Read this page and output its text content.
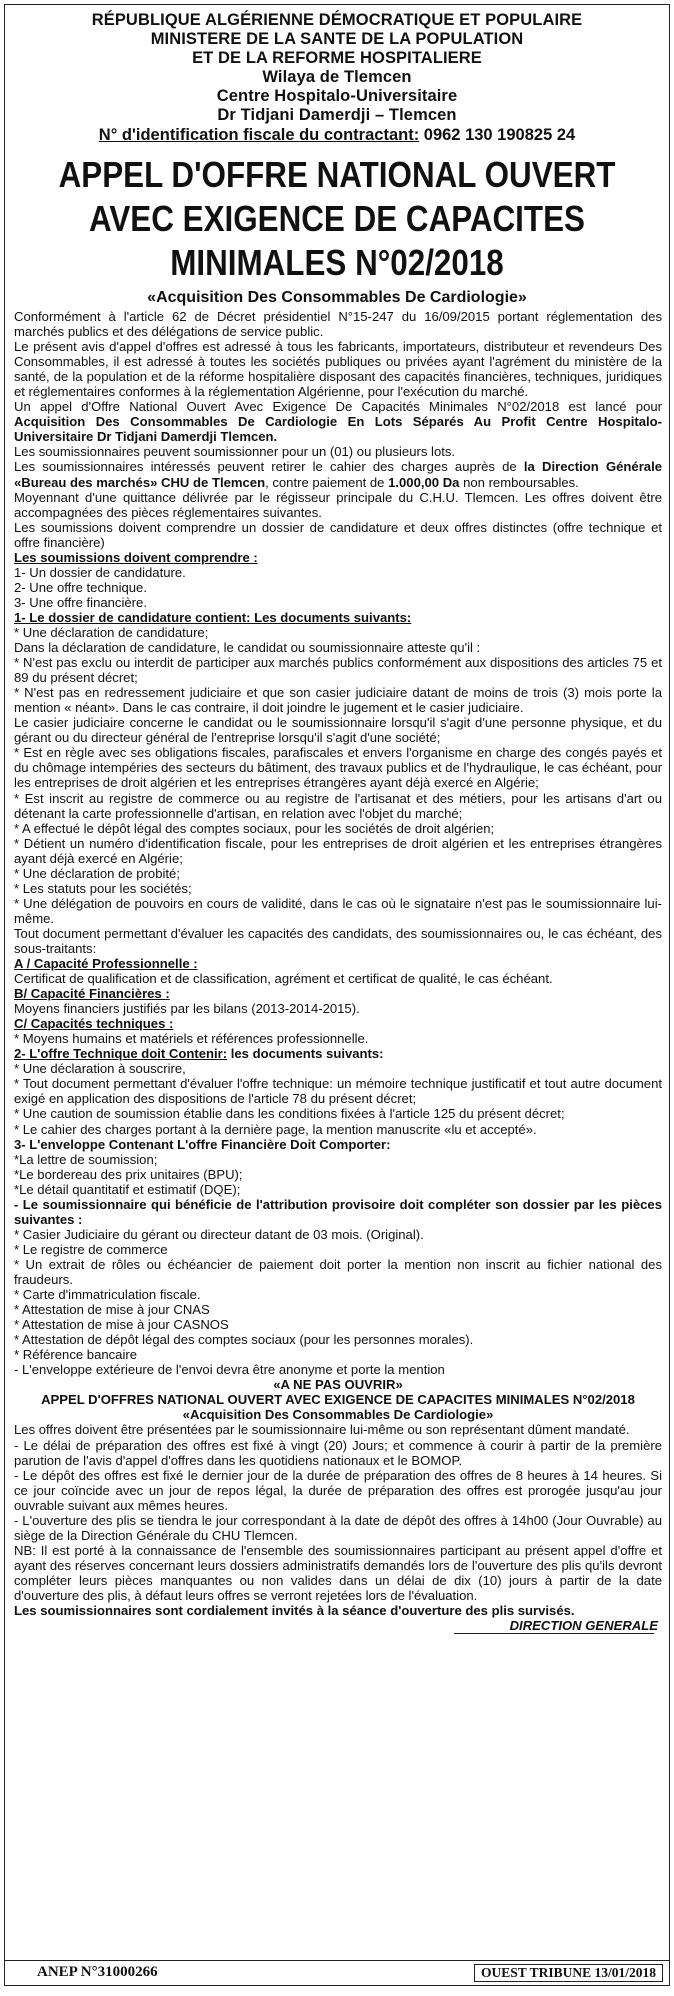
RÉPUBLIQUE ALGÉRIENNE DÉMOCRATIQUE ET POPULAIRE
MINISTERE DE LA SANTE DE LA POPULATION
ET DE LA REFORME HOSPITALIERE
Wilaya de Tlemcen
Centre Hospitalo-Universitaire
Dr Tidjani Damerdji – Tlemcen
N° d'identification fiscale du contractant: 0962 130 190825 24
APPEL D'OFFRE NATIONAL OUVERT
AVEC EXIGENCE DE CAPACITES
MINIMALES N°02/2018
«Acquisition Des Consommables De Cardiologie»

Conformément à l'article 62 de Décret présidentiel N°15-247 du 16/09/2015 portant réglementation des marchés publics et des délégations de service public.

Le présent avis d'appel d'offres est adressé à tous les fabricants, importateurs, distributeur et revendeurs Des Consommables, il est adressé à toutes les sociétés publiques ou privées ayant l'agrément du ministère de la santé, de la population et de la réforme hospitalière disposant des capacités financières, techniques, juridiques et réglementaires conformes à la réglementation Algérienne, pour l'exécution du marché.

Un appel d'Offre National Ouvert Avec Exigence De Capacités Minimales N°02/2018 est lancé pour Acquisition Des Consommables De Cardiologie En Lots Séparés Au Profit Centre Hospitalo-Universitaire Dr Tidjani Damerdji Tlemcen.

Les soumissionnaires peuvent soumissionner pour un (01) ou plusieurs lots.

Les soumissionnaires intéressés peuvent retirer le cahier des charges auprès de la Direction Générale «Bureau des marchés» CHU de Tlemcen, contre paiement de 1.000,00 Da non remboursables.

Moyennant d'une quittance délivrée par le régisseur principale du C.H.U. Tlemcen. Les offres doivent être accompagnées des pièces réglementaires suivantes.

Les soumissions doivent comprendre un dossier de candidature et deux offres distinctes (offre technique et offre financière)

Les soumissions doivent comprendre :

1- Un dossier de candidature.

2- Une offre technique.

3- Une offre financière.

1- Le dossier de candidature contient: Les documents suivants:

* Une déclaration de candidature;

Dans la déclaration de candidature, le candidat ou soumissionnaire atteste qu'il :

* N'est pas exclu ou interdit de participer aux marchés publics conformément aux dispositions des articles 75 et 89 du présent décret;

* N'est pas en redressement judiciaire et que son casier judiciaire datant de moins de trois (3) mois porte la mention « néant». Dans le cas contraire, il doit joindre le jugement et le casier judiciaire.

Le casier judiciaire concerne le candidat ou le soumissionnaire lorsqu'il s'agit d'une personne physique, et du gérant ou du directeur général de l'entreprise lorsqu'il s'agit d'une société;

* Est en règle avec ses obligations fiscales, parafiscales et envers l'organisme en charge des congés payés et du chômage intempéries des secteurs du bâtiment, des travaux publics et de l'hydraulique, le cas échéant, pour les entreprises de droit algérien et les entreprises étrangères ayant déjà exercé en Algérie;

* Est inscrit au registre de commerce ou au registre de l'artisanat et des métiers, pour les artisans d'art ou détenant la carte professionnelle d'artisan, en relation avec l'objet du marché;

* A effectué le dépôt légal des comptes sociaux, pour les sociétés de droit algérien;

* Détient un numéro d'identification fiscale, pour les entreprises de droit algérien et les entreprises étrangères ayant déjà exercé en Algérie;

* Une déclaration de probité;

* Les statuts pour les sociétés;

* Une délégation de pouvoirs en cours de validité, dans le cas où le signataire n'est pas le soumissionnaire lui-même.

Tout document permettant d'évaluer les capacités des candidats, des soumissionnaires ou, le cas échéant, des sous-traitants:

A / Capacité Professionnelle :

Certificat de qualification et de classification, agrément et certificat de qualité, le cas échéant.

B/ Capacité Financières :

Moyens financiers justifiés par les bilans (2013-2014-2015).

C/ Capacités techniques :

* Moyens humains et matériels et références professionnelle.

2- L'offre Technique doit Contenir: les documents suivants:

* Une déclaration à souscrire,

* Tout document permettant d'évaluer l'offre technique: un mémoire technique justificatif et tout autre document exigé en application des dispositions de l'article 78 du présent décret;

* Une caution de soumission établie dans les conditions fixées à l'article 125 du présent décret;

* Le cahier des charges portant à la dernière page, la mention manuscrite «lu et accepté».

3- L'enveloppe Contenant L'offre Financière Doit Comporter:

*La lettre de soumission;

*Le bordereau des prix unitaires (BPU);

*Le détail quantitatif et estimatif (DQE);

- Le soumissionnaire qui bénéficie de l'attribution provisoire doit compléter son dossier par les pièces suivantes :

* Casier Judiciaire du gérant ou directeur datant de 03 mois. (Original).

* Le registre de commerce

* Un extrait de rôles ou échéancier de paiement doit porter la mention non inscrit au fichier national des fraudeurs.

* Carte d'immatriculation fiscale.

* Attestation de mise à jour CNAS

* Attestation de mise à jour CASNOS

* Attestation de dépôt légal des comptes sociaux (pour les personnes morales).

* Référence bancaire

- L'enveloppe extérieure de l'envoi devra être anonyme et porte la mention

«A NE PAS OUVRIR»

APPEL D'OFFRES NATIONAL OUVERT AVEC EXIGENCE DE CAPACITES MINIMALES N°02/2018

«Acquisition Des Consommables De Cardiologie»

Les offres doivent être présentées par le soumissionnaire lui-même ou son représentant dûment mandaté.

- Le délai de préparation des offres est fixé à vingt (20) Jours; et commence à courir à partir de la première parution de l'avis d'appel d'offres dans les quotidiens nationaux et le BOMOP.

- Le dépôt des offres est fixé le dernier jour de la durée de préparation des offres de 8 heures à 14 heures. Si ce jour coïncide avec un jour de repos légal, la durée de préparation des offres est prorogée jusqu'au jour ouvrable suivant aux mêmes heures.

- L'ouverture des plis se tiendra le jour correspondant à la date de dépôt des offres à 14h00 (Jour Ouvrable) au siège de la Direction Générale du CHU Tlemcen.

NB: Il est porté à la connaissance de l'ensemble des soumissionnaires participant au présent appel d'offre et ayant des réserves concernant leurs dossiers administratifs demandés lors de l'ouverture des plis qu'ils devront compléter leurs pièces manquantes ou non valides dans un délai de dix (10) jours à partir de la date d'ouverture des plis, à défaut leurs offres se verront rejetées lors de l'évaluation.

Les soumissionnaires sont cordialement invités à la séance d'ouverture des plis survisés.

DIRECTION GENERALE

ANEP N°31000266	OUEST TRIBUNE 13/01/2018
